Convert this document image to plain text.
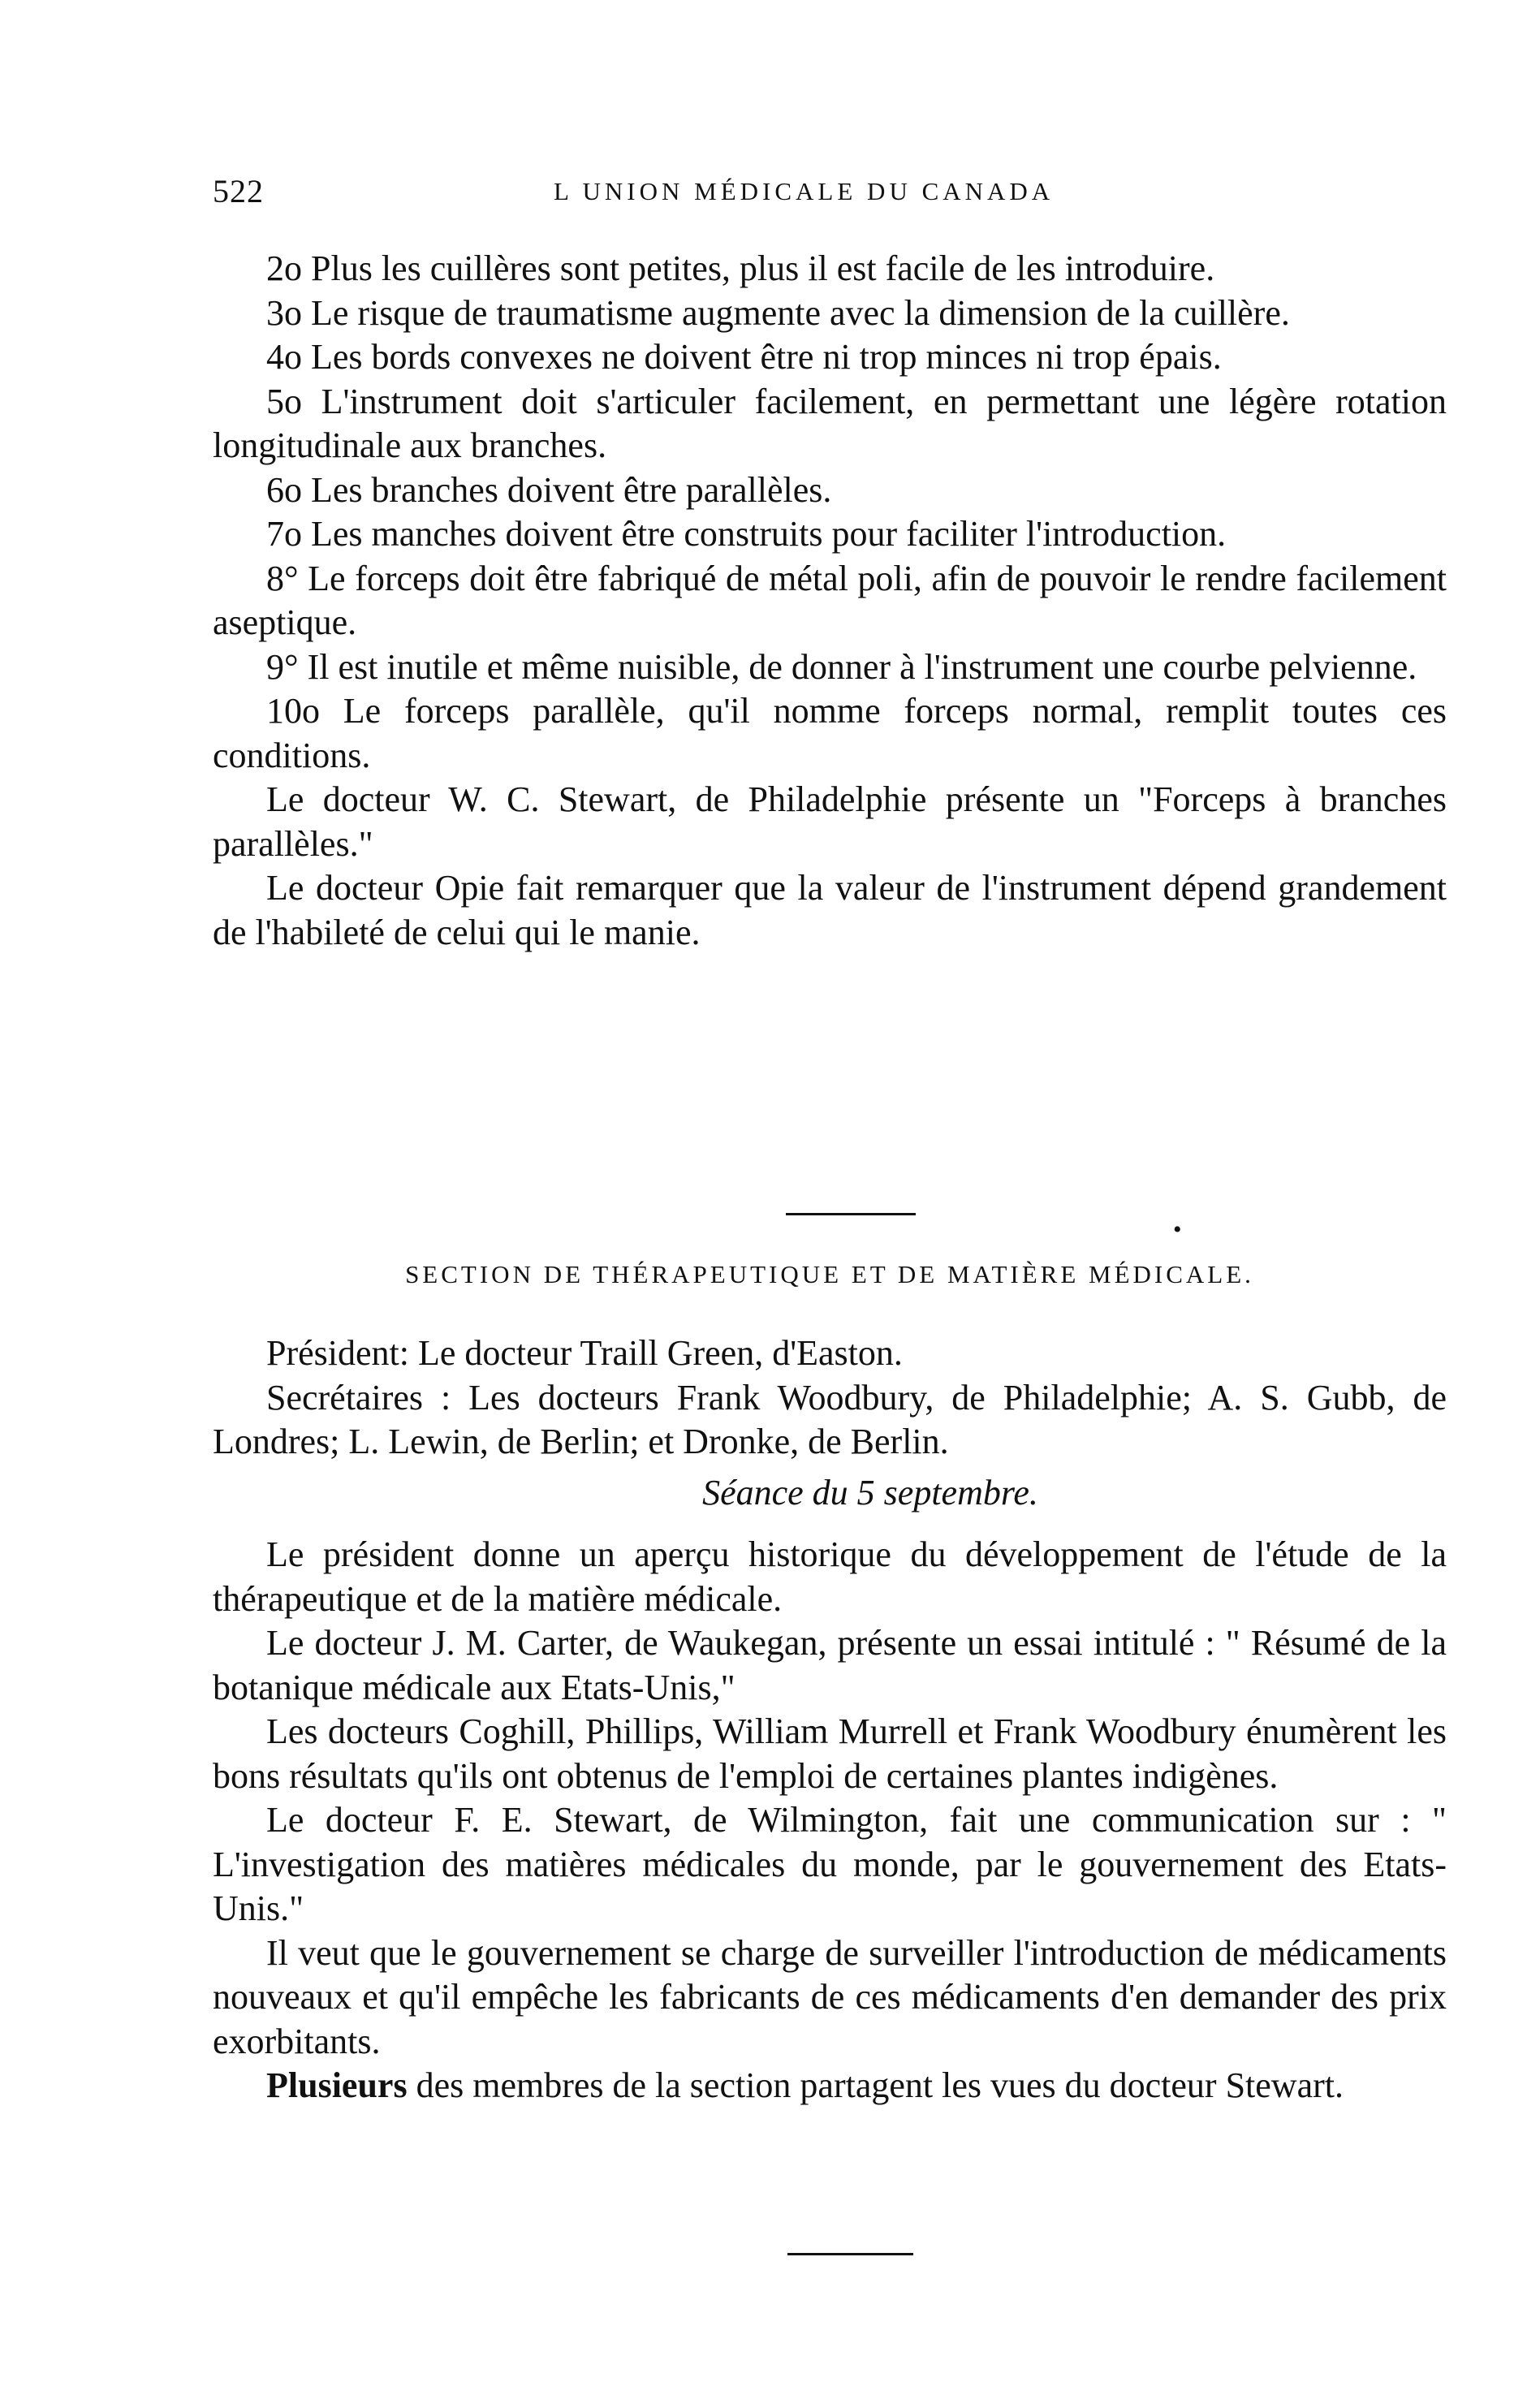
522	L UNION MÉDICALE DU CANADA

2o Plus les cuillères sont petites, plus il est facile de les introduire.

3o Le risque de traumatisme augmente avec la dimension de la cuillère.

4o Les bords convexes ne doivent être ni trop minces ni trop épais.

5o L'instrument doit s'articuler facilement, en permettant une légère rotation longitudinale aux branches.

6o Les branches doivent être parallèles.

7o Les manches doivent être construits pour faciliter l'introduction.

8° Le forceps doit être fabriqué de métal poli, afin de pouvoir le rendre facilement aseptique.

9° Il est inutile et même nuisible, de donner à l'instrument une courbe pelvienne.

10o Le forceps parallèle, qu'il nomme forceps normal, remplit toutes ces conditions.

Le docteur W. C. Stewart, de Philadelphie présente un "Forceps à branches parallèles."

Le docteur Opie fait remarquer que la valeur de l'instrument dépend grandement de l'habileté de celui qui le manie.

•
SECTION DE THÉRAPEUTIQUE ET DE MATIÈRE MÉDICALE.

Président: Le docteur Traill Green, d'Easton.

Secrétaires : Les docteurs Frank Woodbury, de Philadelphie; A. S. Gubb, de Londres; L. Lewin, de Berlin; et Dronke, de Berlin.

Séance du 5 septembre.

Le président donne un aperçu historique du développement de l'étude de la thérapeutique et de la matière médicale.

Le docteur J. M. Carter, de Waukegan, présente un essai intitulé : " Résumé de la botanique médicale aux Etats-Unis,"

Les docteurs Coghill, Phillips, William Murrell et Frank Woodbury énumèrent les bons résultats qu'ils ont obtenus de l'emploi de certaines plantes indigènes.

Le docteur F. E. Stewart, de Wilmington, fait une communication sur : " L'investigation des matières médicales du monde, par le gouvernement des Etats-Unis."

Il veut que le gouvernement se charge de surveiller l'introduction de médicaments nouveaux et qu'il empêche les fabricants de ces médicaments d'en demander des prix exorbitants.

Plusieurs des membres de la section partagent les vues du docteur Stewart.
